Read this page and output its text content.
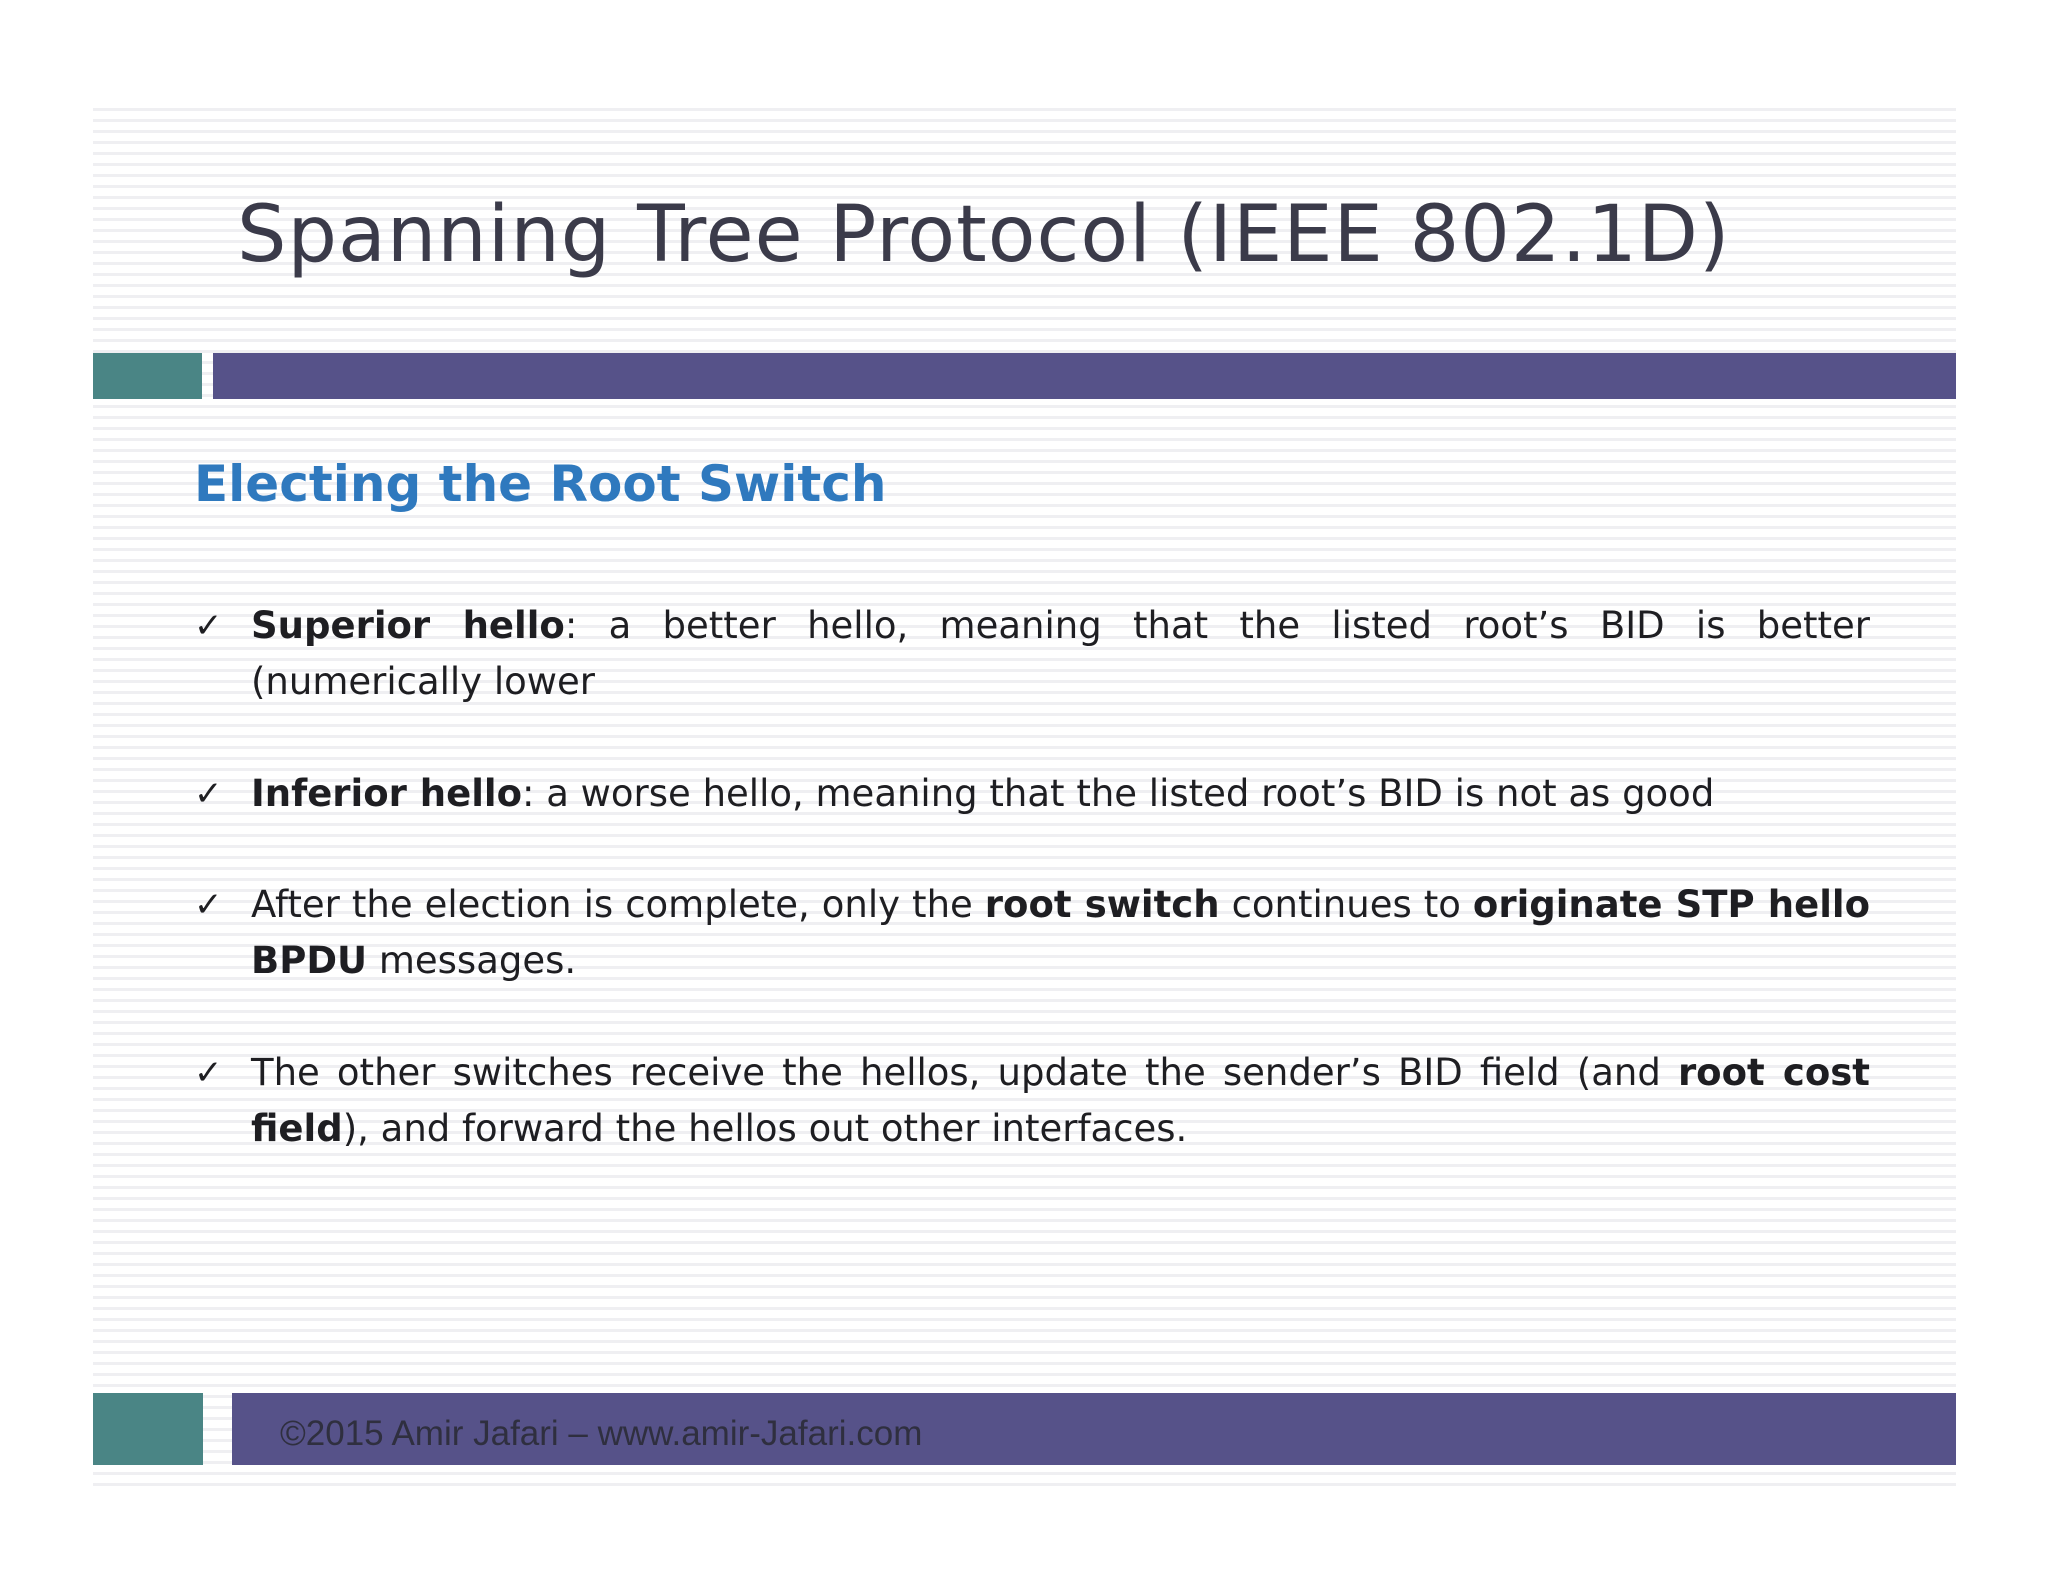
Spanning Tree Protocol (IEEE 802.1D)
Electing the Root Switch
✓ Superior hello: a better hello, meaning that the listed root’s BID is better (numerically lower
✓ Inferior hello: a worse hello, meaning that the listed root’s BID is not as good
✓ After the election is complete, only the root switch continues to originate STP hello BPDU messages.
✓ The other switches receive the hellos, update the sender’s BID field (and root cost field), and forward the hellos out other interfaces.
©2015 Amir Jafari – www.amir-Jafari.com
